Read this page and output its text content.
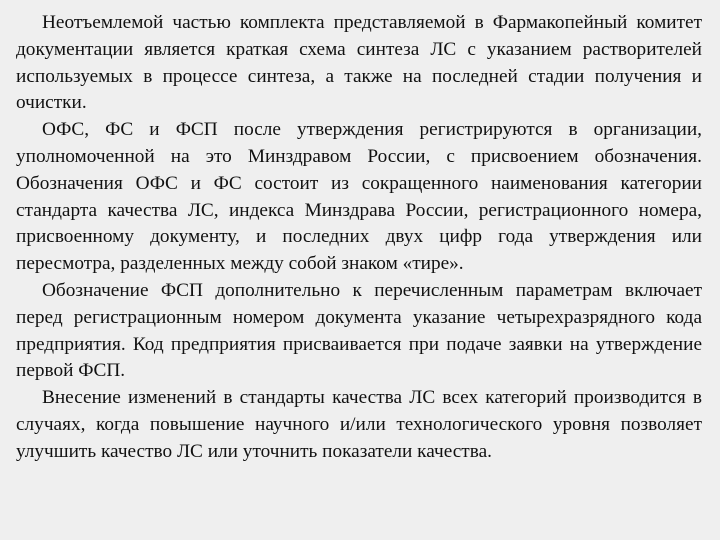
Неотъемлемой частью комплекта представляемой в Фармакопейный комитет документации является краткая схема синтеза ЛС с указанием растворителей используемых в процессе синтеза, а также на последней стадии получения и очистки.

ОФС, ФС и ФСП после утверждения регистрируются в организации, уполномоченной на это Минздравом России, с присвоением обозначения. Обозначения ОФС и ФС состоит из сокращенного наименования категории стандарта качества ЛС, индекса Минздрава России, регистрационного номера, присвоенному документу, и последних двух цифр года утверждения или пересмотра, разделенных между собой знаком «тире».

Обозначение ФСП дополнительно к перечисленным параметрам включает перед регистрационным номером документа указание четырехразрядного кода предприятия. Код предприятия присваивается при подаче заявки на утверждение первой ФСП.

Внесение изменений в стандарты качества ЛС всех категорий производится в случаях, когда повышение научного и/или технологического уровня позволяет улучшить качество ЛС или уточнить показатели качества.
